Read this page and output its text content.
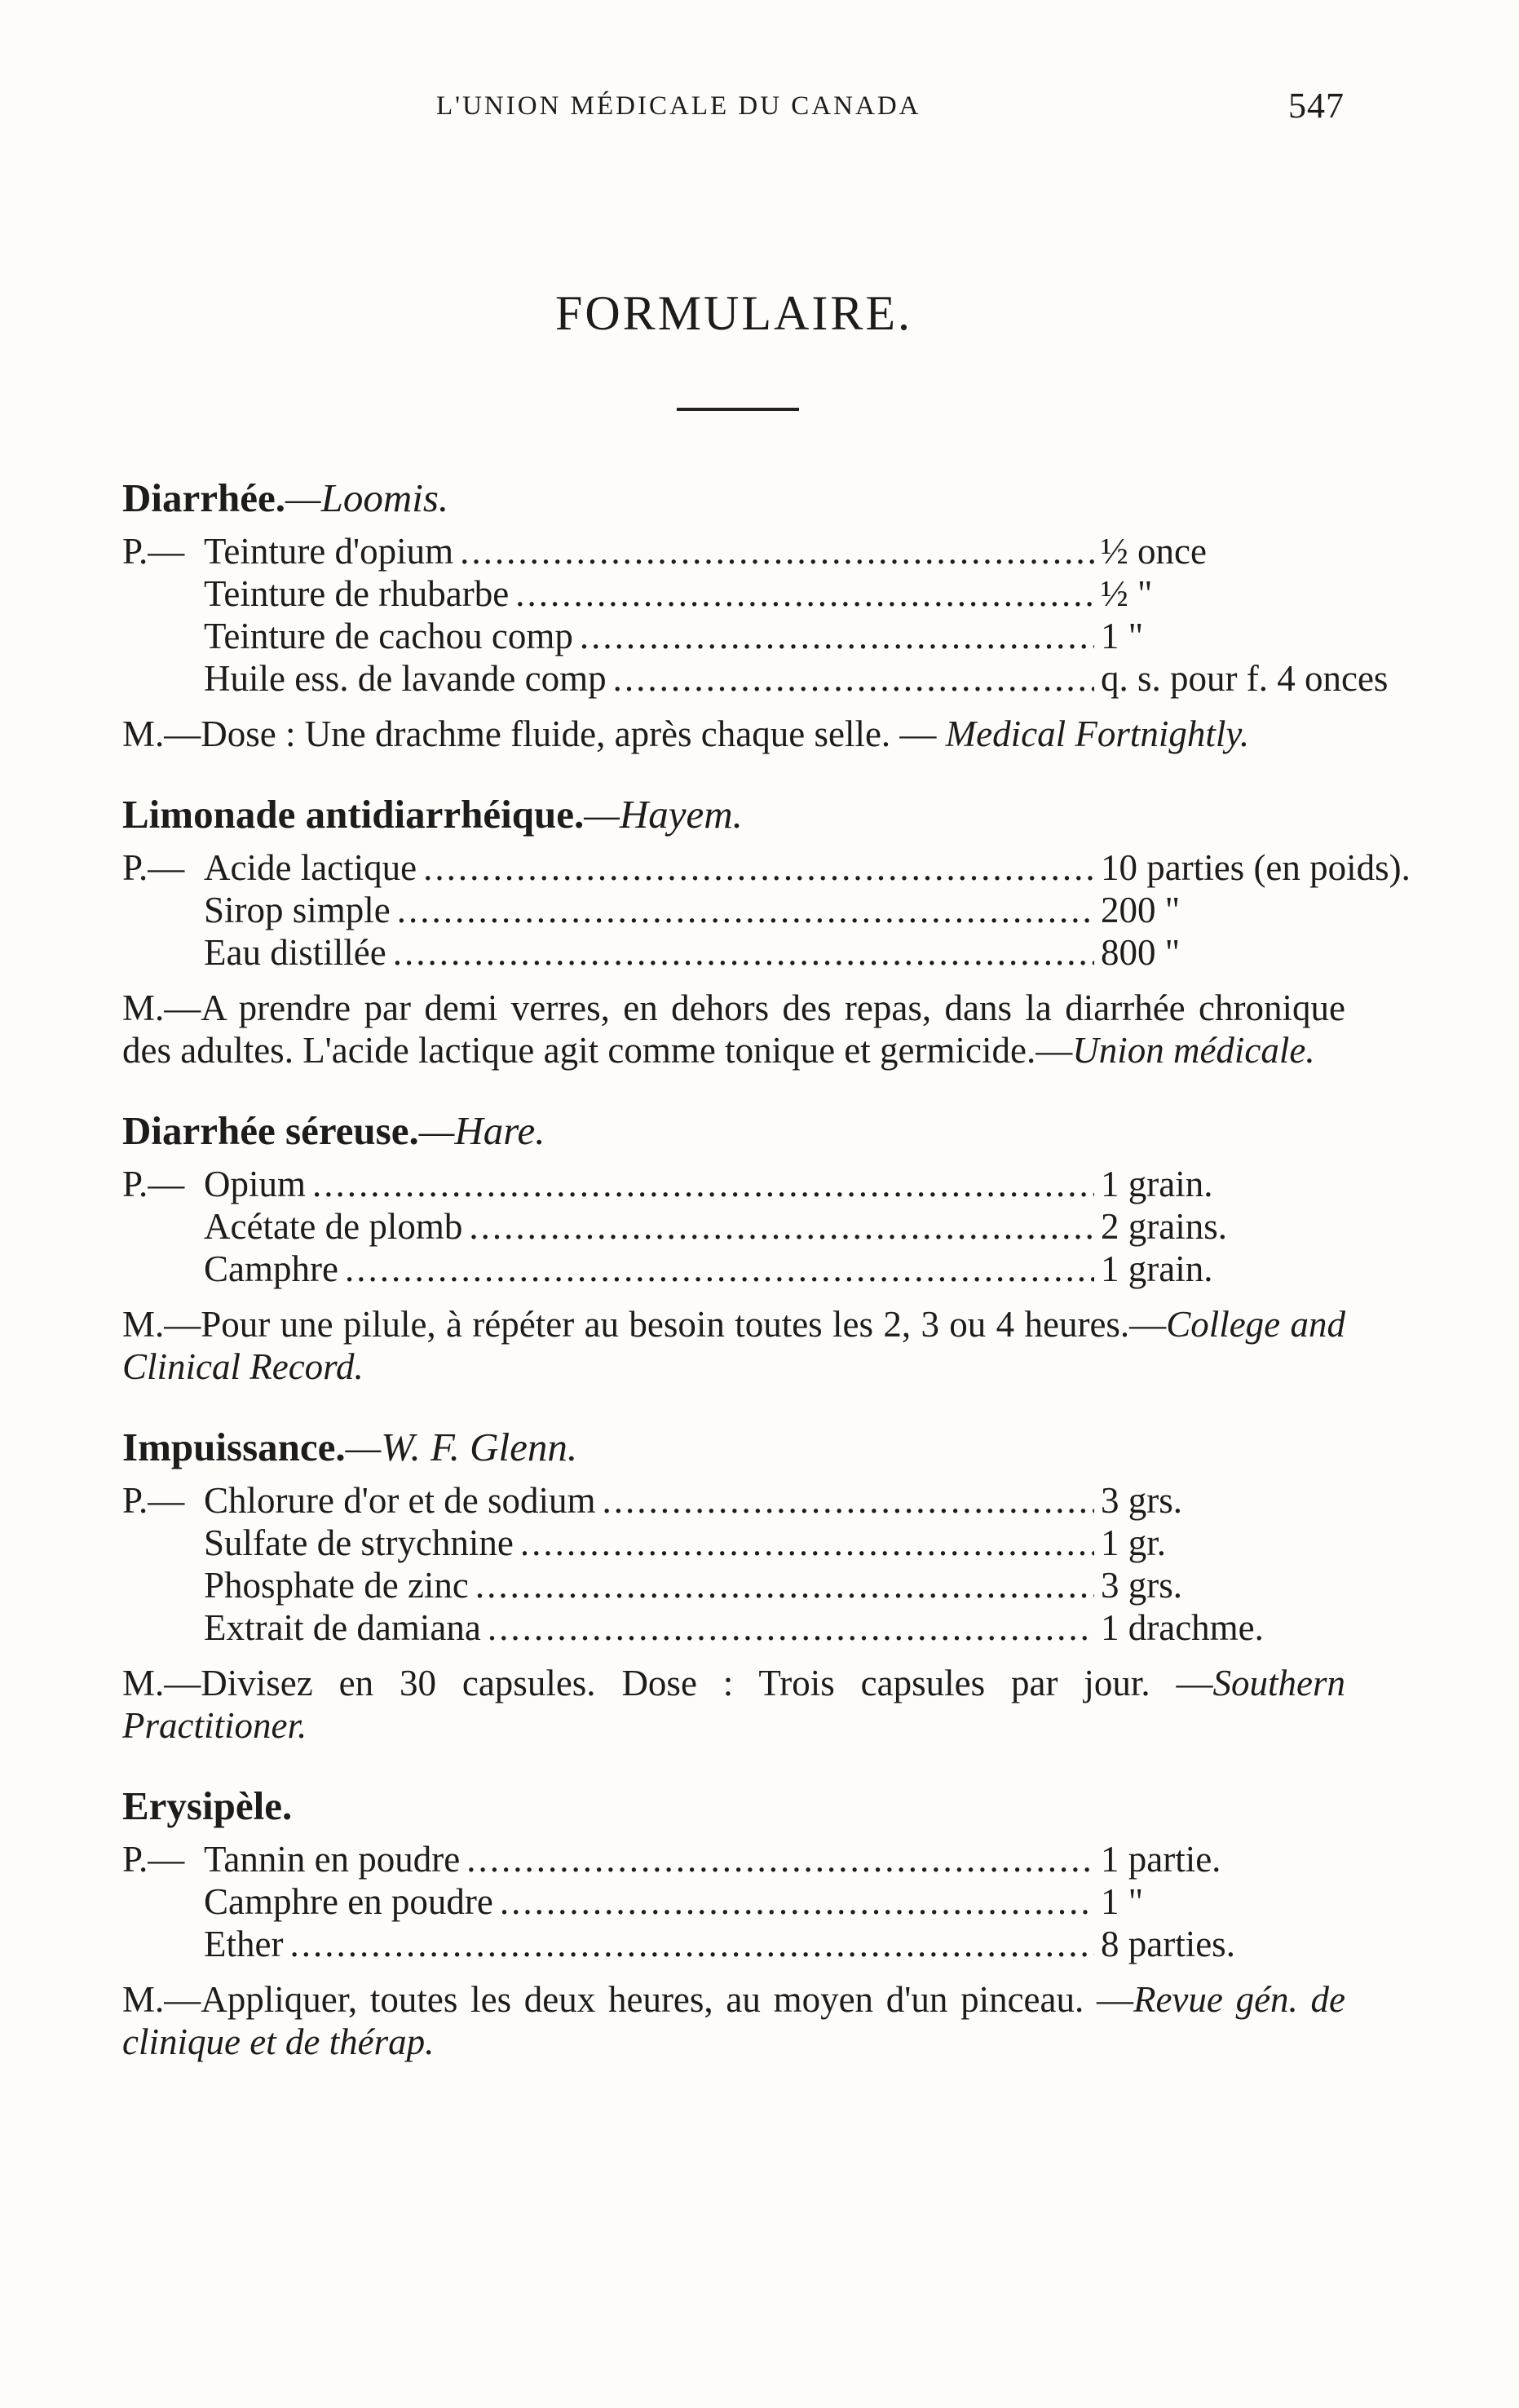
L'UNION MÉDICALE DU CANADA	547
FORMULAIRE.
Diarrhée.—Loomis.
P.— Teinture d'opium .....	½ once
Teinture de rhubarbe .....	½ "
Teinture de cachou comp .....	1 "
Huile ess. de lavande comp .....	q. s. pour f. 4 onces
M.—Dose : Une drachme fluide, après chaque selle. — Medical Fortnightly.
Limonade antidiarrhéique.—Hayem.
P.— Acide lactique .....	10 parties (en poids).
Sirop simple .....	200 "
Eau distillée .....	800 "
M.—A prendre par demi verres, en dehors des repas, dans la diarrhée chronique des adultes. L'acide lactique agit comme tonique et germicide.—Union médicale.
Diarrhée séreuse.—Hare.
P.— Opium .....	1 grain.
Acétate de plomb .....	2 grains.
Camphre .....	1 grain.
M.—Pour une pilule, à répéter au besoin toutes les 2, 3 ou 4 heures.—College and Clinical Record.
Impuissance.—W. F. Glenn.
P.— Chlorure d'or et de sodium .....	3 grs.
Sulfate de strychnine .....	1 gr.
Phosphate de zinc .....	3 grs.
Extrait de damiana .....	1 drachme.
M.—Divisez en 30 capsules. Dose : Trois capsules par jour. —Southern Practitioner.
Erysipèle.
P.— Tannin en poudre .....	1 partie.
Camphre en poudre .....	1 "
Ether .....	8 parties.
M.—Appliquer, toutes les deux heures, au moyen d'un pinceau. —Revue gén. de clinique et de thérap.
